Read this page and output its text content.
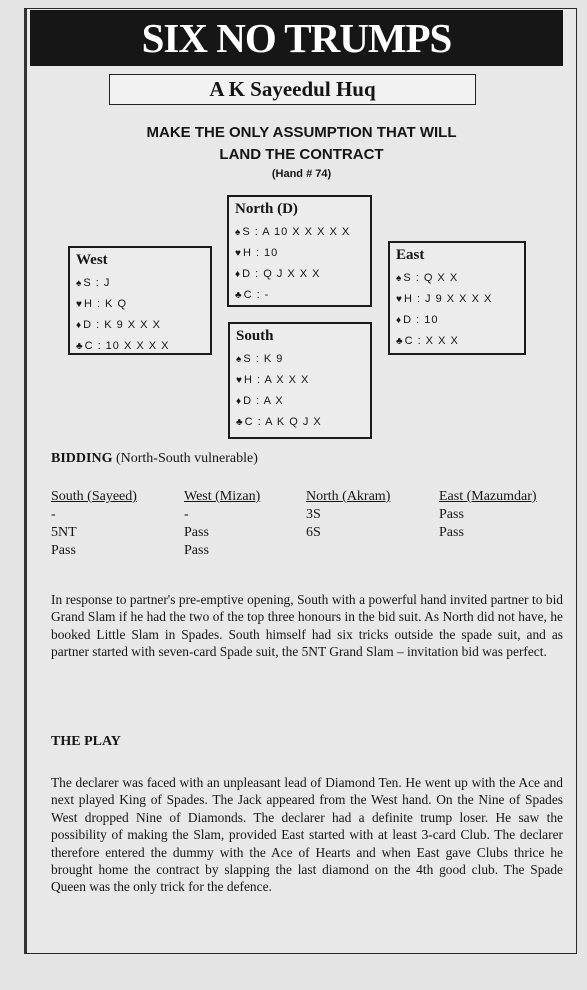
SIX NO TRUMPS
A K Sayeedul Huq
MAKE THE ONLY ASSUMPTION THAT WILL
LAND THE CONTRACT
(Hand # 74)
North (D)
♠S : A 10 X X X X X
♥H : 10
♦D : Q J X X X
♣C : -
West
♠S : J
♥H : K Q
♦D : K 9 X X X
♣C : 10 X X X X
East
♠S : Q X X
♥H : J 9 X X X X
♦D : 10
♣C : X X X
South
♠S : K 9
♥H : A X X X
♦D : A X
♣C : A K Q J X
BIDDING (North-South vulnerable)
South (Sayeed)	West (Mizan)	North (Akram)	East (Mazumdar)
-	-	3S	Pass
5NT	Pass	6S	Pass
Pass	Pass
In response to partner's pre-emptive opening, South with a powerful hand invited partner to bid Grand Slam if he had the two of the top three honours in the bid suit. As North did not have, he booked Little Slam in Spades. South himself had six tricks outside the spade suit, and as partner started with seven-card Spade suit, the 5NT Grand Slam – invitation bid was perfect.
THE PLAY
The declarer was faced with an unpleasant lead of Diamond Ten. He went up with the Ace and next played King of Spades. The Jack appeared from the West hand. On the Nine of Spades West dropped Nine of Diamonds. The declarer had a definite trump loser. He saw the possibility of making the Slam, provided East started with at least 3-card Club. The declarer therefore entered the dummy with the Ace of Hearts and when East gave Clubs thrice he brought home the contract by slapping the last diamond on the 4th good club. The Spade Queen was the only trick for the defence.
